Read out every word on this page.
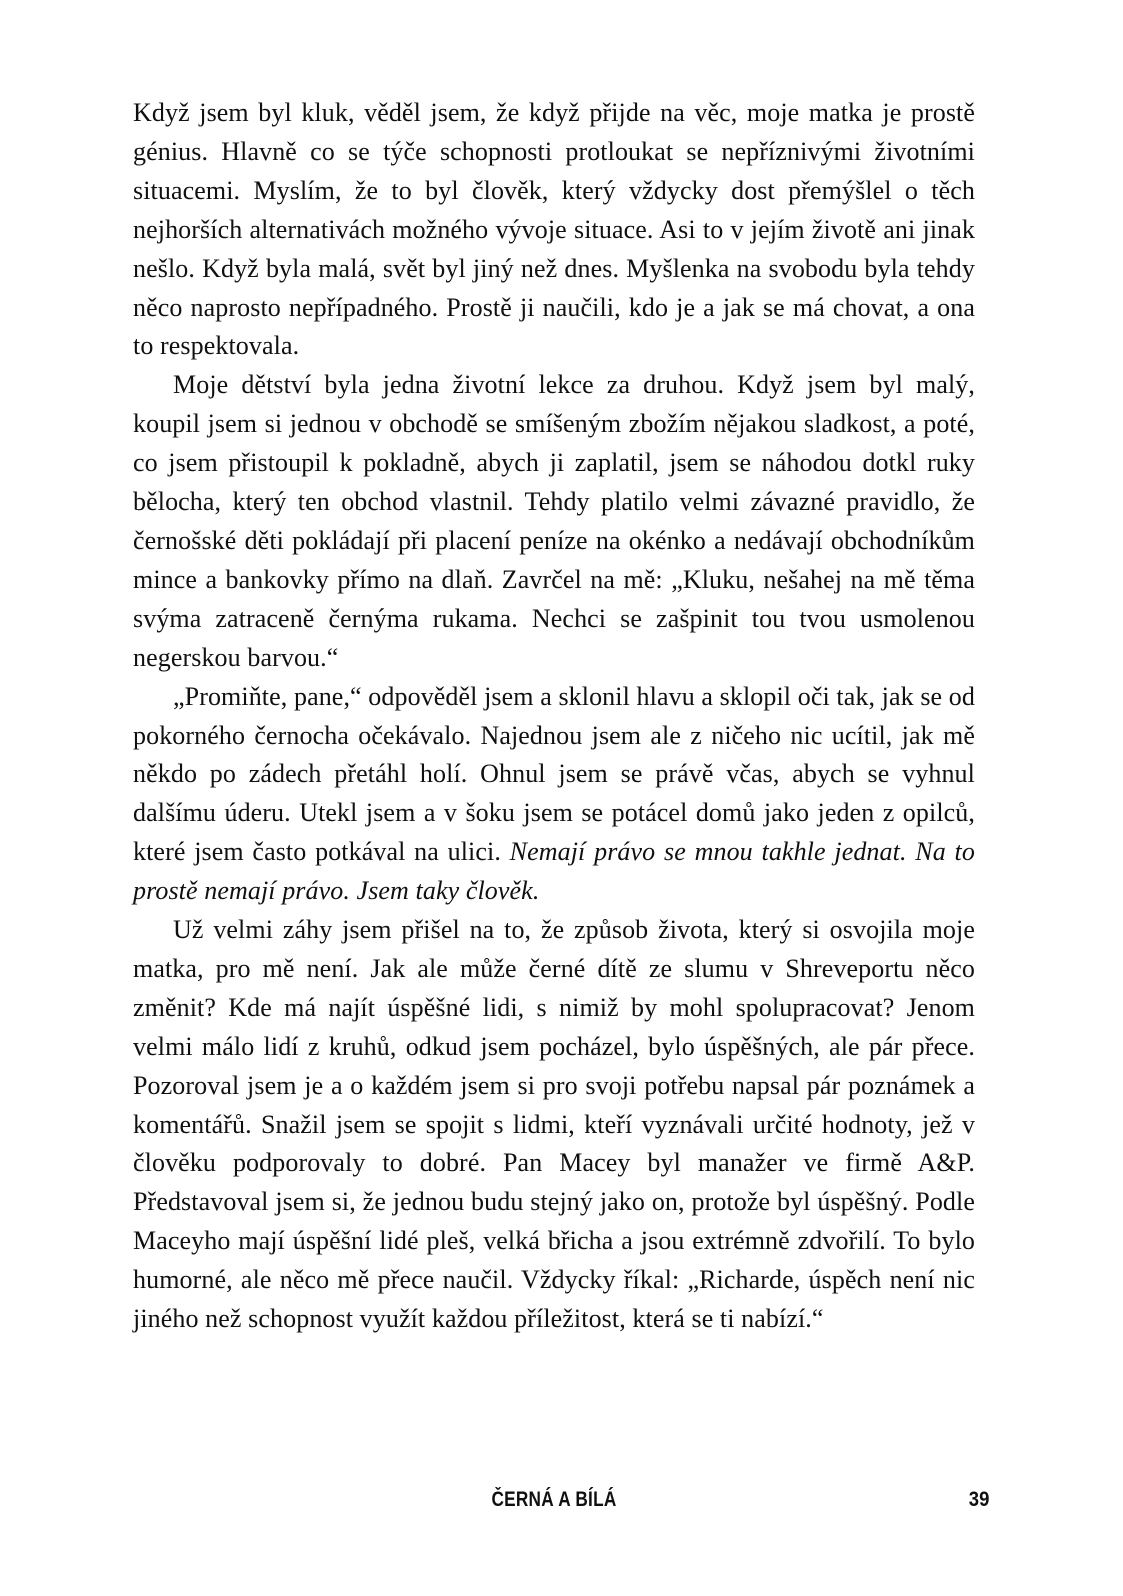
Když jsem byl kluk, věděl jsem, že když přijde na věc, moje matka je prostě génius. Hlavně co se týče schopnosti protloukat se nepříznivými životními situacemi. Myslím, že to byl člověk, který vždycky dost přemýšlel o těch nejhorších alternativách možného vývoje situace. Asi to v jejím životě ani jinak nešlo. Když byla malá, svět byl jiný než dnes. Myšlenka na svobodu byla tehdy něco naprosto nepřípadného. Prostě ji naučili, kdo je a jak se má chovat, a ona to respektovala.

Moje dětství byla jedna životní lekce za druhou. Když jsem byl malý, koupil jsem si jednou v obchodě se smíšeným zbožím nějakou sladkost, a poté, co jsem přistoupil k pokladně, abych ji zaplatil, jsem se náhodou dotkl ruky bělocha, který ten obchod vlastnil. Tehdy platilo velmi závazné pravidlo, že černošské děti pokládají při placení peníze na okénko a nedávají obchodníkům mince a bankovky přímo na dlaň. Zavrčel na mě: „Kluku, nešahej na mě těma svýma zatraceně černýma rukama. Nechci se zašpinit tou tvou usmolenou negerskou barvou.“

„Promiňte, pane,“ odpověděl jsem a sklonil hlavu a sklopil oči tak, jak se od pokorného černocha očekávalo. Najednou jsem ale z ničeho nic ucítil, jak mě někdo po zádech přetáhl holí. Ohnul jsem se právě včas, abych se vyhnul dalšímu úderu. Utekl jsem a v šoku jsem se potácel domů jako jeden z opilců, které jsem často potkával na ulici. Nemají právo se mnou takhle jednat. Na to prostě nemají právo. Jsem taky člověk.

Už velmi záhy jsem přišel na to, že způsob života, který si osvojila moje matka, pro mě není. Jak ale může černé dítě ze slumu v Shreveportu něco změnit? Kde má najít úspěšné lidi, s nimiž by mohl spolupracovat? Jenom velmi málo lidí z kruhů, odkud jsem pocházel, bylo úspěšných, ale pár přece. Pozoroval jsem je a o každém jsem si pro svoji potřebu napsal pár poznámek a komentářů. Snažil jsem se spojit s lidmi, kteří vyznávali určité hodnoty, jež v člověku podporovaly to dobré. Pan Macey byl manažer ve firmě A&P. Představoval jsem si, že jednou budu stejný jako on, protože byl úspěšný. Podle Maceyho mají úspěšní lidé pleš, velká břicha a jsou extrémně zdvořilí. To bylo humorné, ale něco mě přece naučil. Vždycky říkal: „Richarde, úspěch není nic jiného než schopnost využít každou příležitost, která se ti nabízí.“

ČERNÁ A BÍLÁ	39
